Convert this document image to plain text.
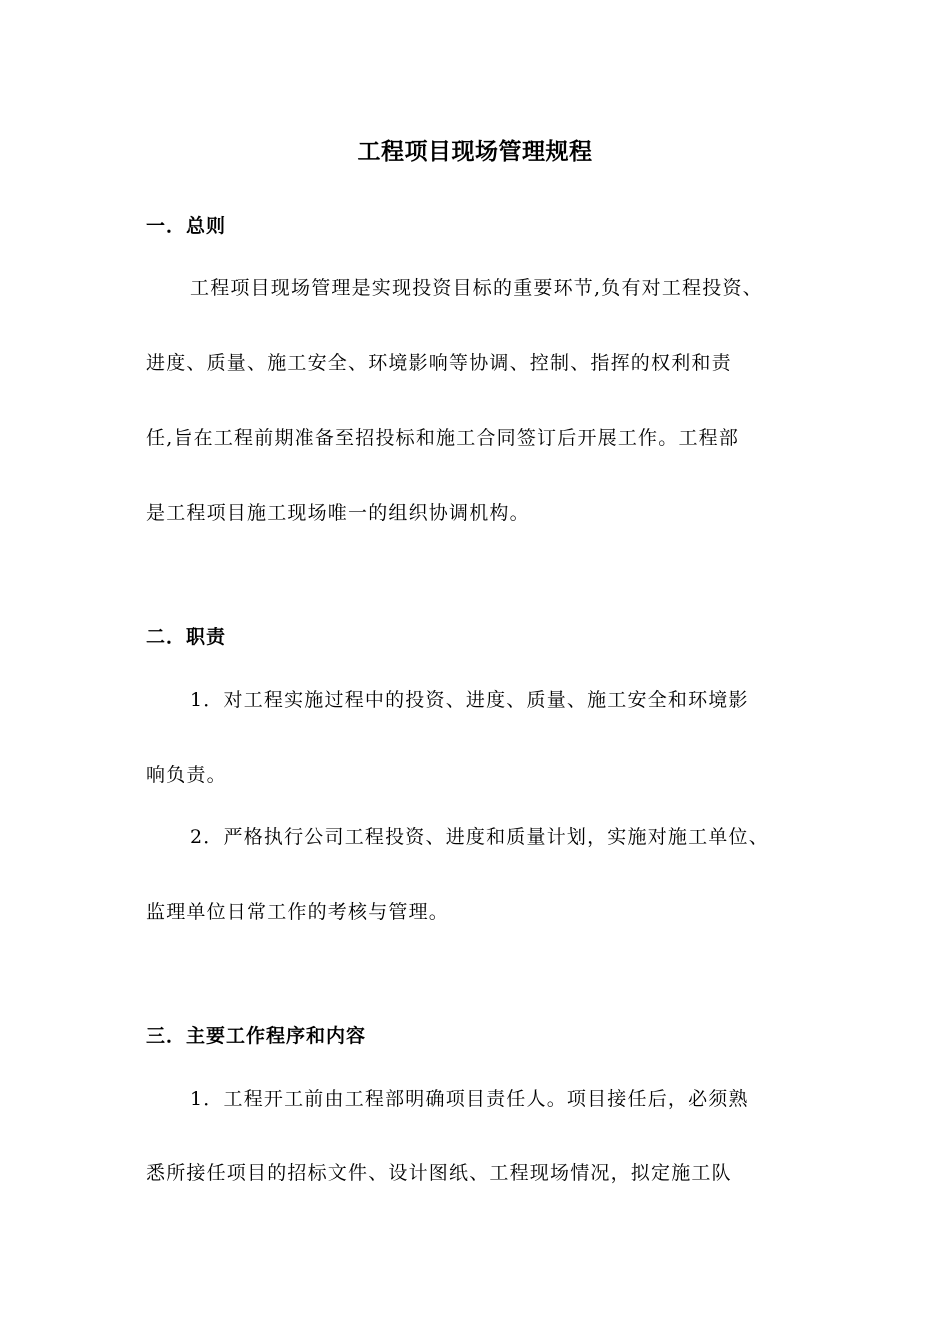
工程项目现场管理规程
一．总则
工程项目现场管理是实现投资目标的重要环节,负有对工程投资、
进度、质量、施工安全、环境影响等协调、控制、指挥的权利和责
任,旨在工程前期准备至招投标和施工合同签订后开展工作。工程部
是工程项目施工现场唯一的组织协调机构。
二．职责
1．对工程实施过程中的投资、进度、质量、施工安全和环境影
响负责。
2．严格执行公司工程投资、进度和质量计划，实施对施工单位、
监理单位日常工作的考核与管理。
三．主要工作程序和内容
1．工程开工前由工程部明确项目责任人。项目接任后，必须熟
悉所接任项目的招标文件、设计图纸、工程现场情况，拟定施工队
